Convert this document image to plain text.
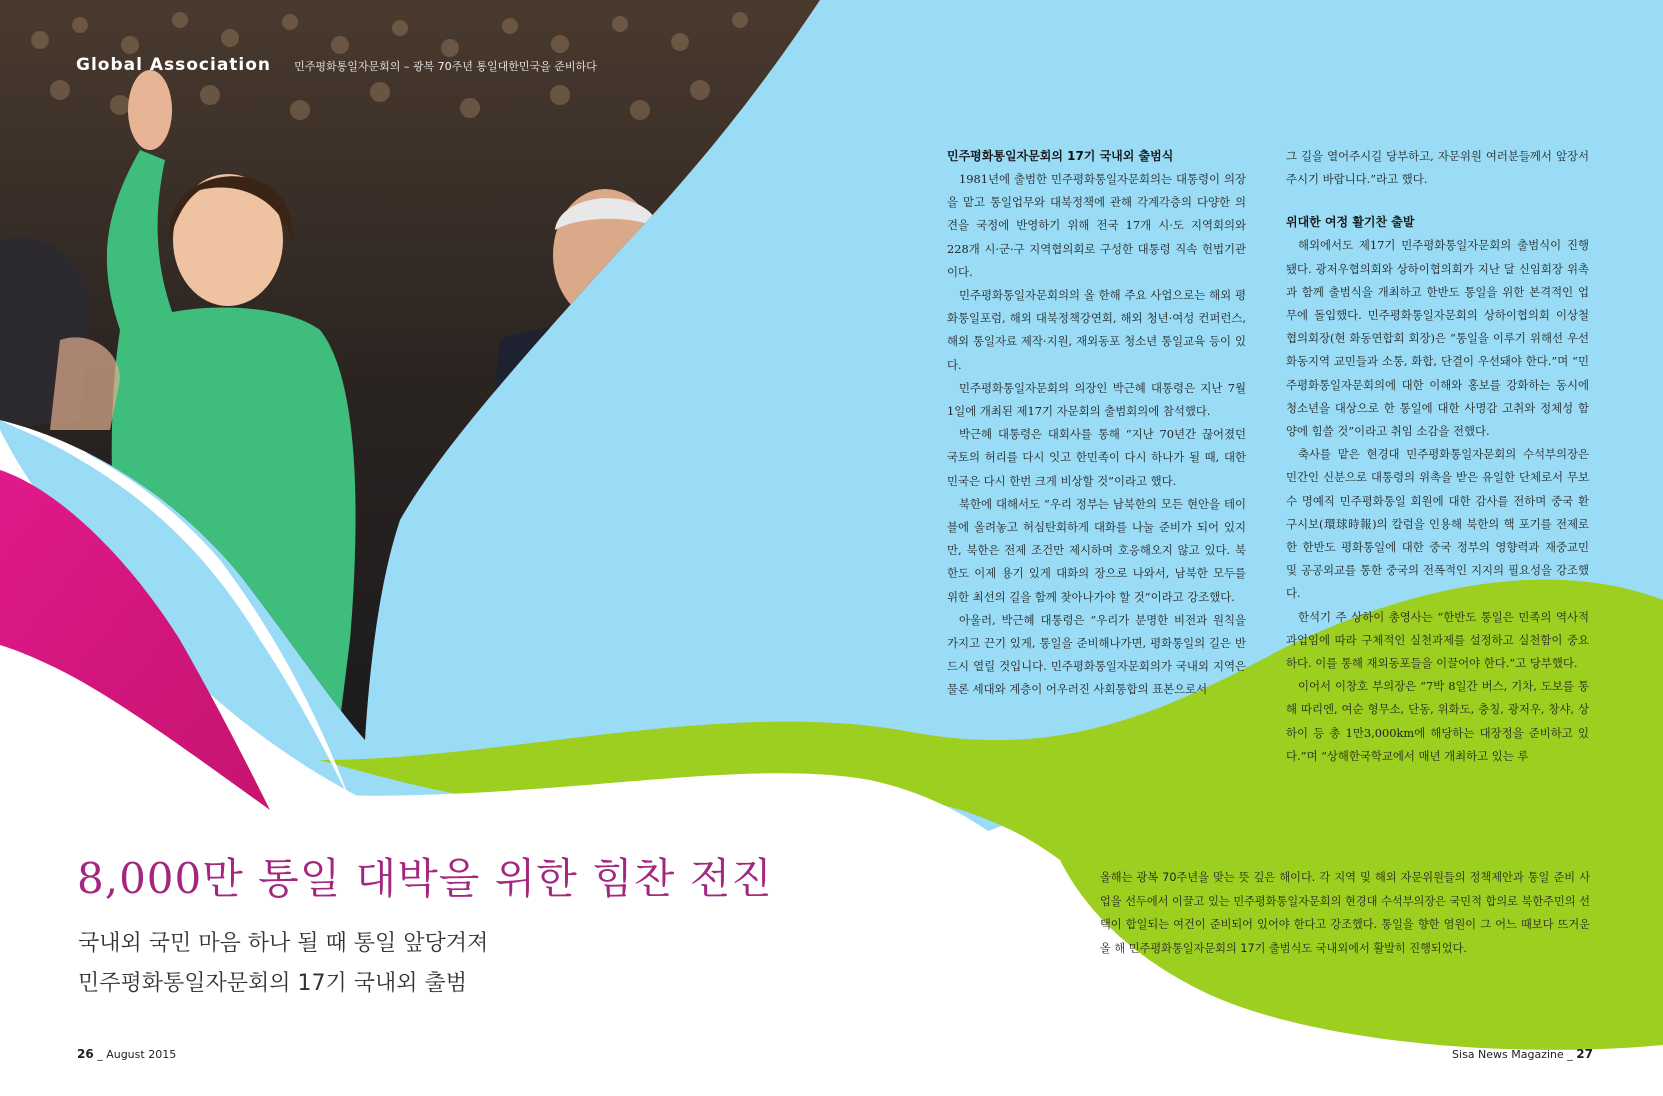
Global Association 민주평화통일자문회의 – 광복 70주년 통일대한민국을 준비하다
민주평화통일자문회의 17기 국내외 출범식

1981년에 출범한 민주평화통일자문회의는 대통령이 의장을 맡고 통일업무와 대북정책에 관해 각계각층의 다양한 의견을 국정에 반영하기 위해 전국 17개 시·도 지역회의와 228개 시·군·구 지역협의회로 구성한 대통령 직속 헌법기관이다.

민주평화통일자문회의의 올 한해 주요 사업으로는 해외 평화통일포럼, 해외 대북정책강연회, 해외 청년·여성 컨퍼런스, 해외 통일자료 제작·지원, 재외동포 청소년 통일교육 등이 있다.

민주평화통일자문회의 의장인 박근혜 대통령은 지난 7월 1일에 개최된 제17기 자문회의 출범회의에 참석했다.

박근혜 대통령은 대회사를 통해 “지난 70년간 끊어졌던 국토의 허리를 다시 잇고 한민족이 다시 하나가 될 때, 대한민국은 다시 한번 크게 비상할 것”이라고 했다.

북한에 대해서도 “우리 정부는 남북한의 모든 현안을 테이블에 올려놓고 허심탄회하게 대화를 나눌 준비가 되어 있지만, 북한은 전제 조건만 제시하며 호응해오지 않고 있다. 북한도 이제 용기 있게 대화의 장으로 나와서, 남북한 모두를 위한 최선의 길을 함께 찾아나가야 할 것”이라고 강조했다.

아울러, 박근혜 대통령은 “우리가 분명한 비전과 원칙을 가지고 끈기 있게, 통일을 준비해나가면, 평화통일의 길은 반드시 열릴 것입니다. 민주평화통일자문회의가 국내외 지역은 물론 세대와 계층이 어우러진 사회통합의 표본으로서

그 길을 열어주시길 당부하고, 자문위원 여러분들께서 앞장서주시기 바랍니다.”라고 했다.

위대한 여정 활기찬 출발

해외에서도 제17기 민주평화통일자문회의 출범식이 진행됐다. 광저우협의회와 상하이협의회가 지난 달 신임회장 위촉과 함께 출범식을 개최하고 한반도 통일을 위한 본격적인 업무에 돌입했다. 민주평화통일자문회의 상하이협의회 이상철 협의회장(현 화동연합회 회장)은 “통일을 이루기 위해선 우선 화동지역 교민들과 소통, 화합, 단결이 우선돼야 한다.”며 “민주평화통일자문회의에 대한 이해와 홍보를 강화하는 동시에 청소년을 대상으로 한 통일에 대한 사명감 고취와 정체성 함양에 힘쓸 것”이라고 취임 소감을 전했다.

축사를 맡은 현경대 민주평화통일자문회의 수석부의장은 민간인 신분으로 대통령의 위촉을 받은 유일한 단체로서 무보수 명예직 민주평화통일 회원에 대한 감사를 전하며 중국 환구시보(環球時報)의 칼럼을 인용해 북한의 핵 포기를 전제로 한 한반도 평화통일에 대한 중국 정부의 영향력과 재중교민 및 공공외교를 통한 중국의 전폭적인 지지의 필요성을 강조했다.

한석기 주 상하이 총영사는 “한반도 통일은 민족의 역사적 과업임에 따라 구체적인 실천과제를 설정하고 실천함이 중요하다. 이를 통해 재외동포들을 이끌어야 한다.”고 당부했다.

이어서 이창호 부의장은 “7박 8일간 버스, 기차, 도보를 통해 따리엔, 여순 형무소, 단동, 위화도, 충칭, 광저우, 창샤, 상하이 등 총 1만3,000km에 해당하는 대장정을 준비하고 있다.”며 “상해한국학교에서 매년 개최하고 있는 루

올해는 광복 70주년을 맞는 뜻 깊은 해이다. 각 지역 및 해외 자문위원들의 정책제안과 통일 준비 사업을 선두에서 이끌고 있는 민주평화통일자문회의 현경대 수석부의장은 국민적 합의로 북한주민의 선택이 합일되는 여건이 준비되어 있어야 한다고 강조했다. 통일을 향한 염원이 그 어느 때보다 뜨거운 올 해 민주평화통일자문회의 17기 출범식도 국내외에서 활발히 진행되었다.
8,000만 통일 대박을 위한 힘찬 전진
국내외 국민 마음 하나 될 때 통일 앞당겨져
민주평화통일자문회의 17기 국내외 출범
26 _ August 2015	Sisa News Magazine _ 27
